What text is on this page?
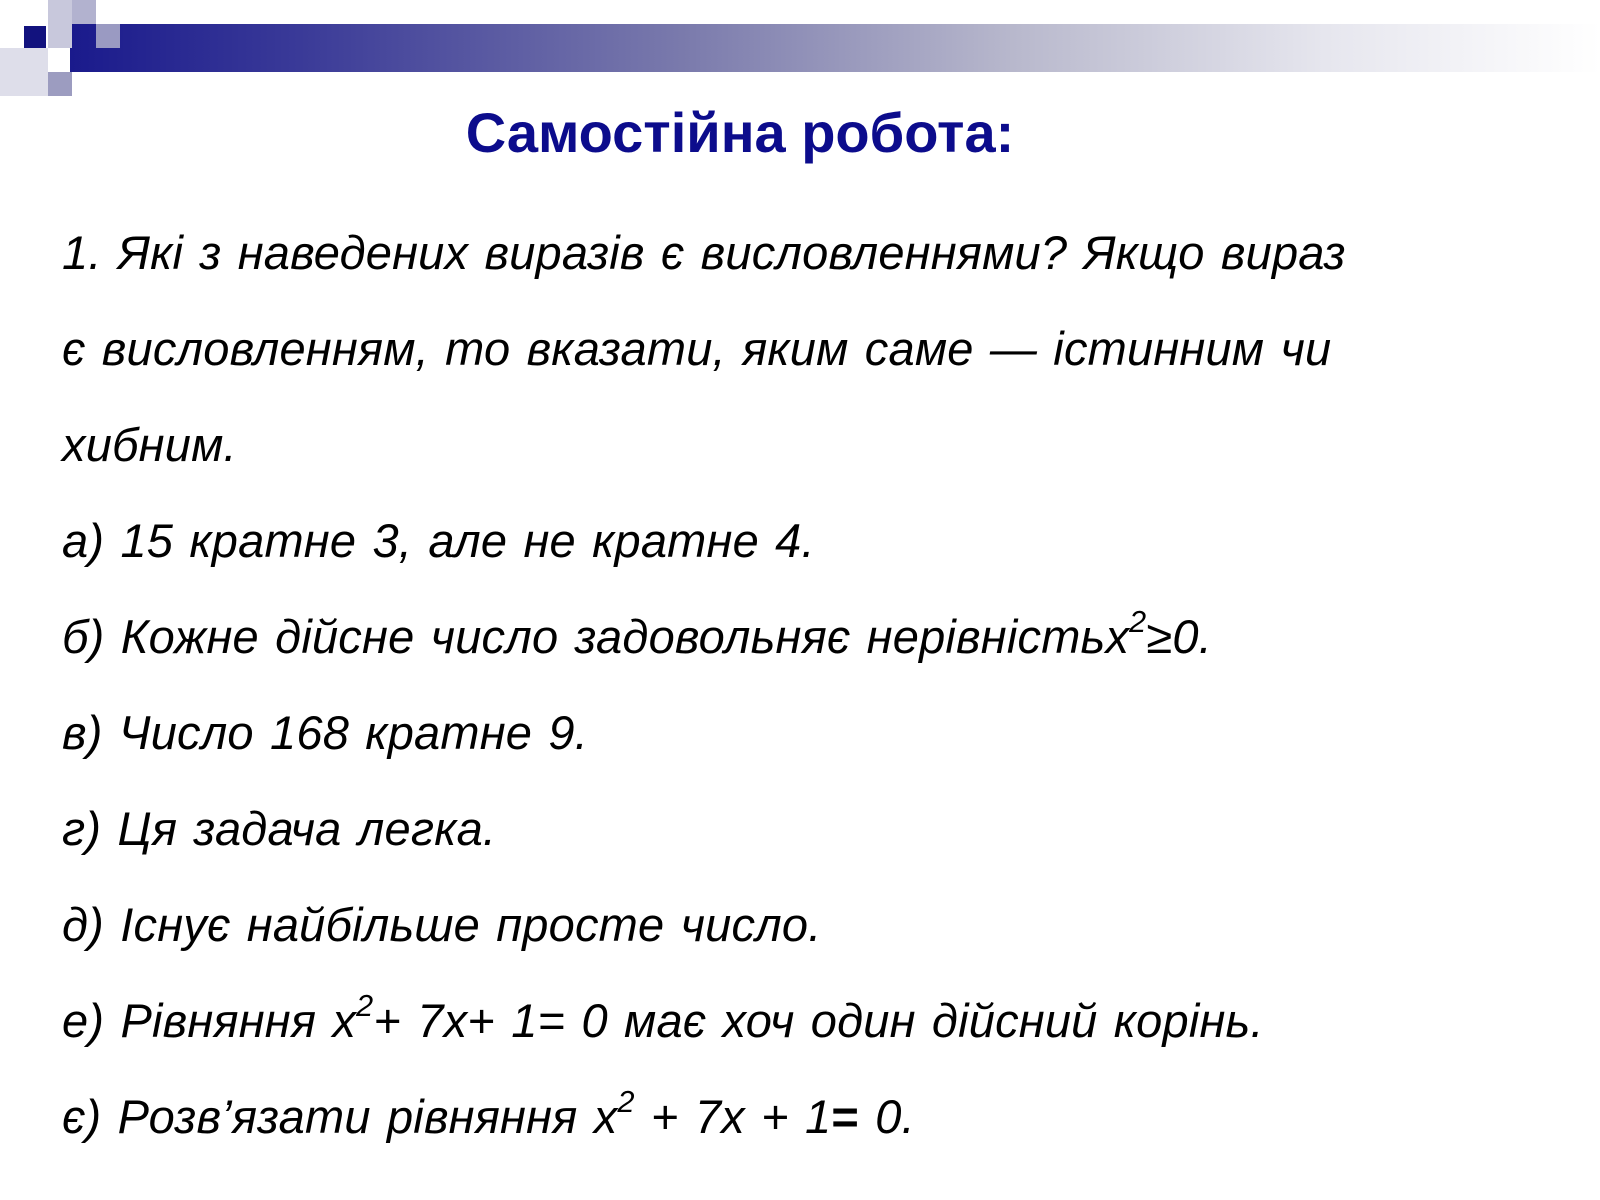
Самостійна робота:
1. Які з наведених виразів є висловленнями? Якщо вираз
є висловленням, то вказати, яким саме — істинним чи
хибним.
а) 15 кратне 3, але не кратне 4.
б) Кожне дійсне число задовольняє нерівністьx$^2$≥0.
в) Число 168 кратне 9.
г) Ця задача легка.
д) Існує найбільше просте число.
е) Рівняння $x^2+ 7x+ 1= 0$ має хоч один дійсний корінь.
є) Розв’язати рівняння $x^2 + 7x + 1= 0$.
